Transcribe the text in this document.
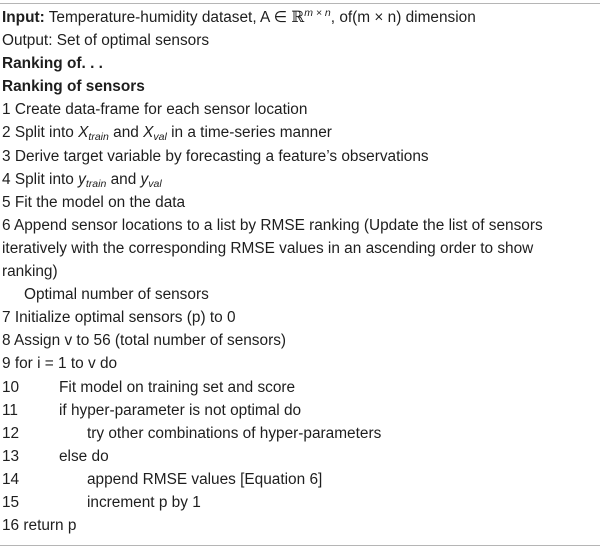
Input: Temperature-humidity dataset, A ∈ ℝ$^{m \times n}$, of(m × n) dimension
Output: Set of optimal sensors
Ranking of. . .
Ranking of sensors
1 Create data-frame for each sensor location
2 Split into $X_{train}$ and $X_{val}$ in a time-series manner
3 Derive target variable by forecasting a feature’s observations
4 Split into $y_{train}$ and $y_{val}$
5 Fit the model on the data
6 Append sensor locations to a list by RMSE ranking (Update the list of sensors
iteratively with the corresponding RMSE values in an ascending order to show
ranking)
Optimal number of sensors
7 Initialize optimal sensors (p) to 0
8 Assign v to 56 (total number of sensors)
9 for i = 1 to v do
10	Fit model on training set and score
11	if hyper-parameter is not optimal do
12	try other combinations of hyper-parameters
13	else do
14	append RMSE values [Equation 6]
15	increment p by 1
16 return p
